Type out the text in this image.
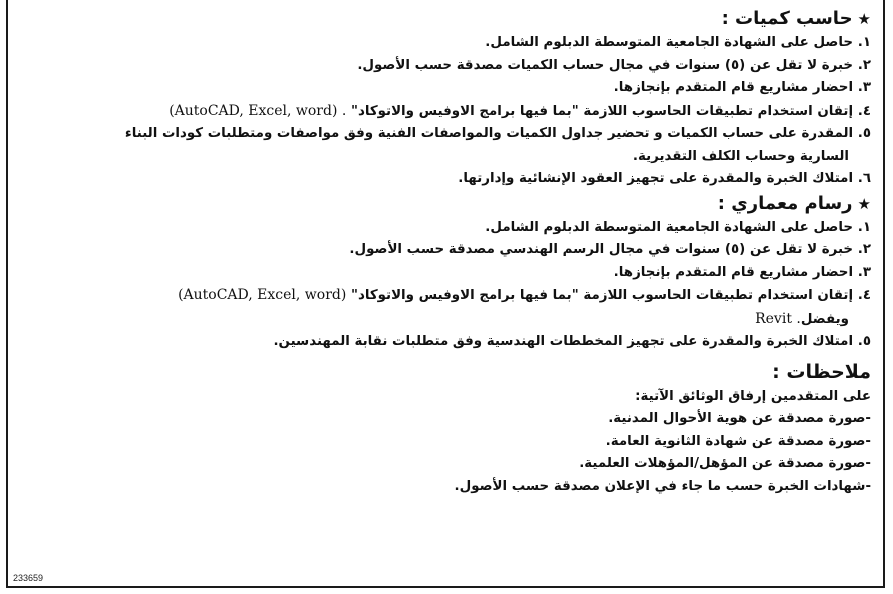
★حاسب كميات :

١. حاصل على الشهادة الجامعية المتوسطة الدبلوم الشامل.

٢. خبرة لا تقل عن (٥) سنوات في مجال حساب الكميات مصدقة حسب الأصول.

٣. احضار مشاريع قام المتقدم بإنجازها.

٤. إتقان استخدام تطبيقات الحاسوب اللازمة "بما فيها برامج الاوفيس والاتوكاد" (AutoCAD, Excel, word) .

٥. المقدرة على حساب الكميات و تحضير جداول الكميات والمواصفات الفنية وفق مواصفات ومتطلبات كودات البناء

السارية وحساب الكلف التقديرية.

٦. امتلاك الخبرة والمقدرة على تجهيز العقود الإنشائية وإدارتها.

★رسام معماري :

١. حاصل على الشهادة الجامعية المتوسطة الدبلوم الشامل.

٢. خبرة لا تقل عن (٥) سنوات في مجال الرسم الهندسي مصدقة حسب الأصول.

٣. احضار مشاريع قام المتقدم بإنجازها.

٤. إتقان استخدام تطبيقات الحاسوب اللازمة "بما فيها برامج الاوفيس والاتوكاد" (AutoCAD, Excel, word)

ويفضلRevit .

٥. امتلاك الخبرة والمقدرة على تجهيز المخططات الهندسية وفق متطلبات نقابة المهندسين.

ملاحظات :

على المتقدمين إرفاق الوثائق الآتية:

-صورة مصدقة عن هوية الأحوال المدنية.

-صورة مصدقة عن شهادة الثانوية العامة.

-صورة مصدقة عن المؤهل/المؤهلات العلمية.

-شهادات الخبرة حسب ما جاء في الإعلان مصدقة حسب الأصول.

233659
